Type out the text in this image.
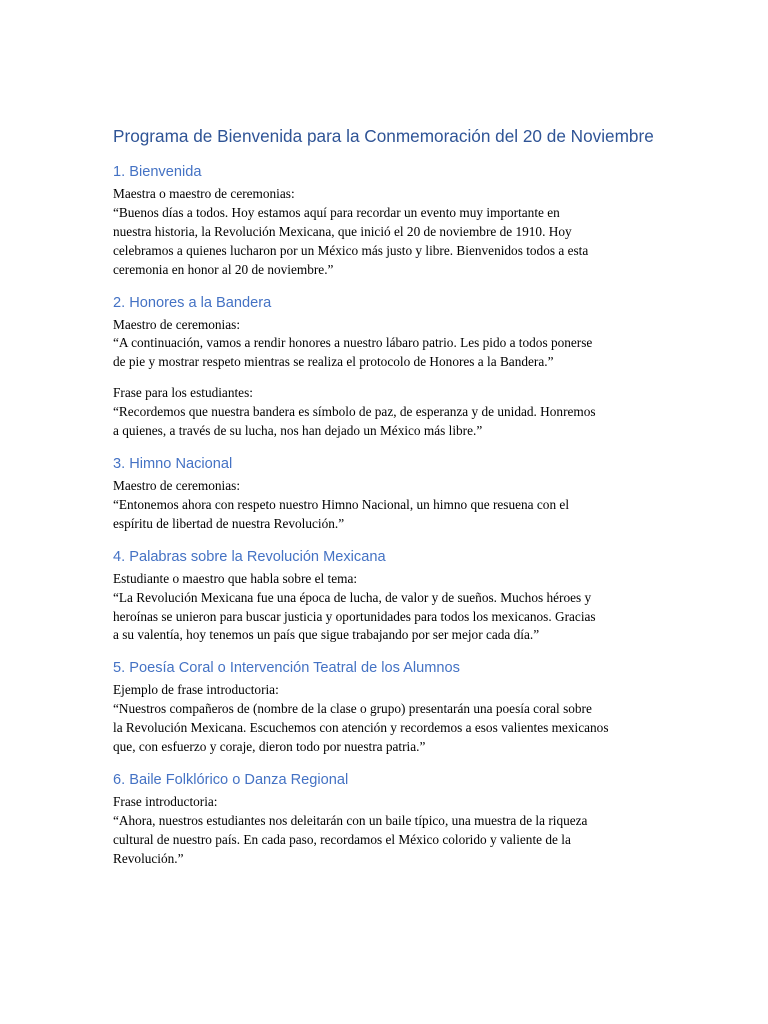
Programa de Bienvenida para la Conmemoración del 20 de Noviembre
1. Bienvenida

Maestra o maestro de ceremonias:
“Buenos días a todos. Hoy estamos aquí para recordar un evento muy importante en
nuestra historia, la Revolución Mexicana, que inició el 20 de noviembre de 1910. Hoy
celebramos a quienes lucharon por un México más justo y libre. Bienvenidos todos a esta
ceremonia en honor al 20 de noviembre.”

2. Honores a la Bandera

Maestro de ceremonias:
“A continuación, vamos a rendir honores a nuestro lábaro patrio. Les pido a todos ponerse
de pie y mostrar respeto mientras se realiza el protocolo de Honores a la Bandera.”

Frase para los estudiantes:
“Recordemos que nuestra bandera es símbolo de paz, de esperanza y de unidad. Honremos
a quienes, a través de su lucha, nos han dejado un México más libre.”

3. Himno Nacional

Maestro de ceremonias:
“Entonemos ahora con respeto nuestro Himno Nacional, un himno que resuena con el
espíritu de libertad de nuestra Revolución.”

4. Palabras sobre la Revolución Mexicana

Estudiante o maestro que habla sobre el tema:
“La Revolución Mexicana fue una época de lucha, de valor y de sueños. Muchos héroes y
heroínas se unieron para buscar justicia y oportunidades para todos los mexicanos. Gracias
a su valentía, hoy tenemos un país que sigue trabajando por ser mejor cada día.”

5. Poesía Coral o Intervención Teatral de los Alumnos

Ejemplo de frase introductoria:
“Nuestros compañeros de (nombre de la clase o grupo) presentarán una poesía coral sobre
la Revolución Mexicana. Escuchemos con atención y recordemos a esos valientes mexicanos
que, con esfuerzo y coraje, dieron todo por nuestra patria.”

6. Baile Folklórico o Danza Regional

Frase introductoria:
“Ahora, nuestros estudiantes nos deleitarán con un baile típico, una muestra de la riqueza
cultural de nuestro país. En cada paso, recordamos el México colorido y valiente de la
Revolución.”
